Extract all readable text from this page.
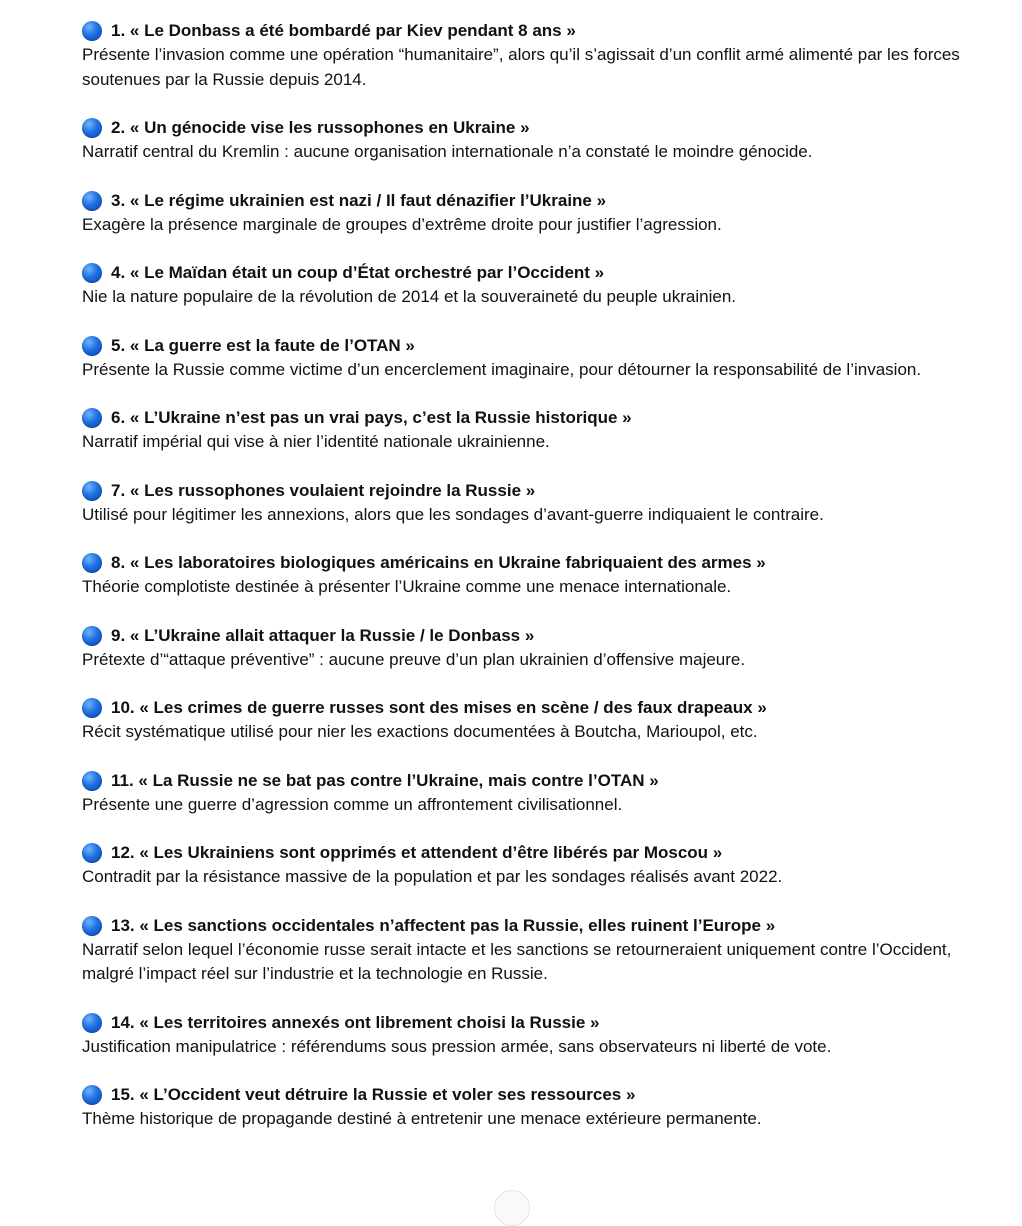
1. « Le Donbass a été bombardé par Kiev pendant 8 ans »

Présente l’invasion comme une opération “humanitaire”, alors qu’il s’agissait d’un conflit armé alimenté par les forces soutenues par la Russie depuis 2014.

2. « Un génocide vise les russophones en Ukraine »

Narratif central du Kremlin : aucune organisation internationale n’a constaté le moindre génocide.

3. « Le régime ukrainien est nazi / Il faut dénazifier l’Ukraine »

Exagère la présence marginale de groupes d’extrême droite pour justifier l’agression.

4. « Le Maïdan était un coup d’État orchestré par l’Occident »

Nie la nature populaire de la révolution de 2014 et la souveraineté du peuple ukrainien.

5. « La guerre est la faute de l’OTAN »

Présente la Russie comme victime d’un encerclement imaginaire, pour détourner la responsabilité de l’invasion.

6. « L’Ukraine n’est pas un vrai pays, c’est la Russie historique »

Narratif impérial qui vise à nier l’identité nationale ukrainienne.

7. « Les russophones voulaient rejoindre la Russie »

Utilisé pour légitimer les annexions, alors que les sondages d’avant-guerre indiquaient le contraire.

8. « Les laboratoires biologiques américains en Ukraine fabriquaient des armes »

Théorie complotiste destinée à présenter l’Ukraine comme une menace internationale.

9. « L’Ukraine allait attaquer la Russie / le Donbass »

Prétexte d’“attaque préventive” : aucune preuve d’un plan ukrainien d’offensive majeure.

10. « Les crimes de guerre russes sont des mises en scène / des faux drapeaux »

Récit systématique utilisé pour nier les exactions documentées à Boutcha, Marioupol, etc.

11. « La Russie ne se bat pas contre l’Ukraine, mais contre l’OTAN »

Présente une guerre d’agression comme un affrontement civilisationnel.

12. « Les Ukrainiens sont opprimés et attendent d’être libérés par Moscou »

Contradit par la résistance massive de la population et par les sondages réalisés avant 2022.

13. « Les sanctions occidentales n’affectent pas la Russie, elles ruinent l’Europe »

Narratif selon lequel l’économie russe serait intacte et les sanctions se retourneraient uniquement contre l’Occident, malgré l’impact réel sur l’industrie et la technologie en Russie.

14. « Les territoires annexés ont librement choisi la Russie »

Justification manipulatrice : référendums sous pression armée, sans observateurs ni liberté de vote.

15. « L’Occident veut détruire la Russie et voler ses ressources »

Thème historique de propagande destiné à entretenir une menace extérieure permanente.
